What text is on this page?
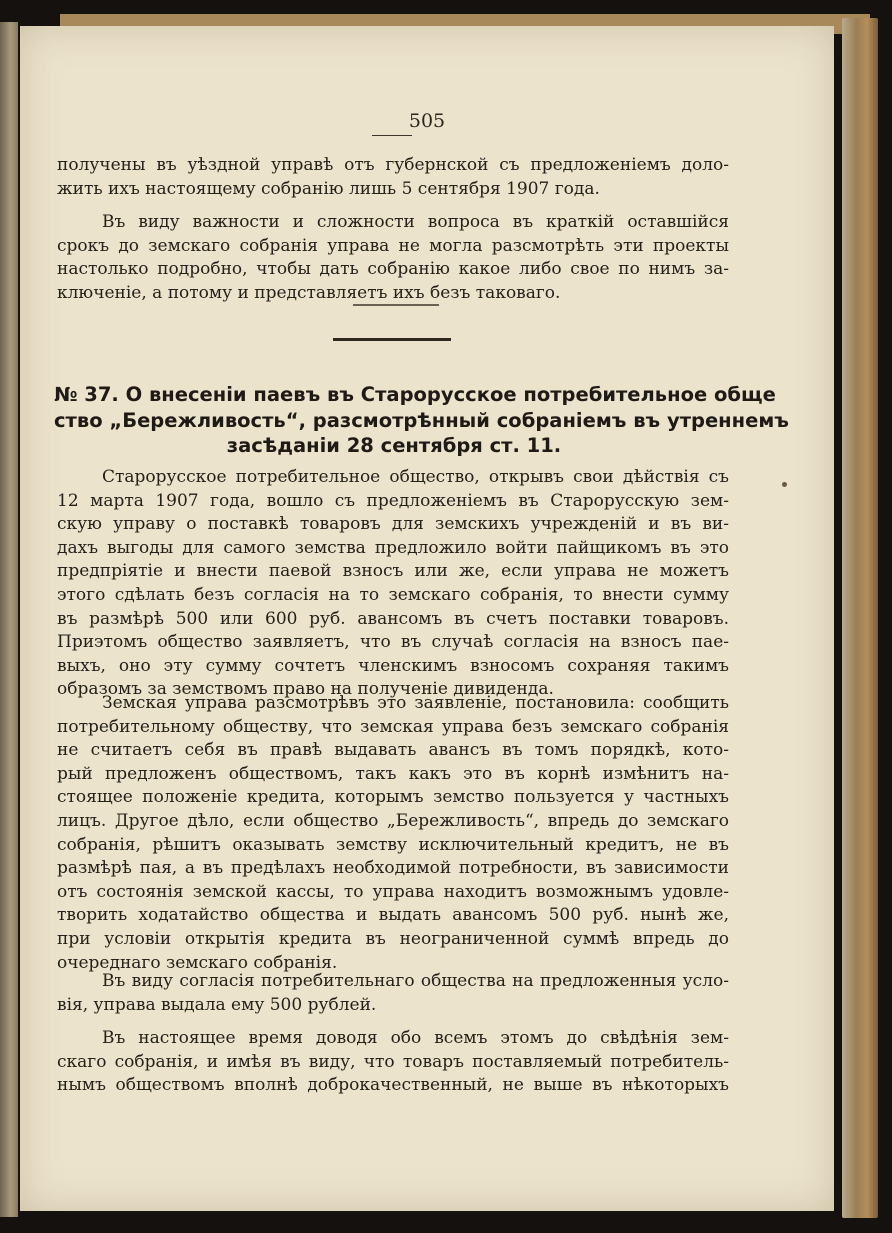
505
получены въ уѣздной управѣ отъ губернской съ предложенiемъ доло-
жить ихъ настоящему собранiю лишь 5 сентября 1907 года.
Въ виду важности и сложности вопроса въ краткiй оставшiйся
срокъ до земскаго собранiя управа не могла разсмотрѣть эти проекты
настолько подробно, чтобы дать собранiю какое либо свое по нимъ за-
ключенiе, а потому и представляетъ ихъ безъ таковаго.
№ 37. О внесенiи паевъ въ Старорусское потребительное обще
ство „Бережливость“, разсмотрѣнный собранiемъ въ утреннемъ
засѣданiи 28 сентября ст. 11.
Старорусское потребительное общество, открывъ свои дѣйствiя съ
12 марта 1907 года, вошло съ предложенiемъ въ Старорусскую зем-
скую управу о поставкѣ товаровъ для земскихъ учрежденiй и въ ви-
дахъ выгоды для самого земства предложило войти пайщикомъ въ это
предпрiятiе и внести паевой взносъ или же, если управа не можетъ
этого сдѣлать безъ согласiя на то земскаго собранiя, то внести сумму
въ размѣрѣ 500 или 600 руб. авансомъ въ счетъ поставки товаровъ.
Приэтомъ общество заявляетъ, что въ случаѣ согласiя на взносъ пае-
выхъ, оно эту сумму сочтетъ членскимъ взносомъ сохраняя такимъ
образомъ за земствомъ право на полученiе дивиденда.
Земская управа разсмотрѣвъ это заявленiе, постановила: сообщить
потребительному обществу, что земская управа безъ земскаго собранiя
не считаетъ себя въ правѣ выдавать авансъ въ томъ порядкѣ, кото-
рый предложенъ обществомъ, такъ какъ это въ корнѣ измѣнитъ на-
стоящее положенiе кредита, которымъ земство пользуется у частныхъ
лицъ. Другое дѣло, если общество „Бережливость“, впредь до земскаго
собранiя, рѣшитъ оказывать земству исключительный кредитъ, не въ
размѣрѣ пая, а въ предѣлахъ необходимой потребности, въ зависимости
отъ состоянiя земской кассы, то управа находитъ возможнымъ удовле-
творить ходатайство общества и выдать авансомъ 500 руб. нынѣ же,
при условiи открытiя кредита въ неограниченной суммѣ впредь до
очереднаго земскаго собранiя.
Въ виду согласiя потребительнаго общества на предложенныя усло-
вiя, управа выдала ему 500 рублей.
Въ настоящее время доводя обо всемъ этомъ до свѣдѣнiя зем-
скаго собранiя, и имѣя въ виду, что товаръ поставляемый потребитель-
нымъ обществомъ вполнѣ доброкачественный, не выше въ нѣкоторыхъ
